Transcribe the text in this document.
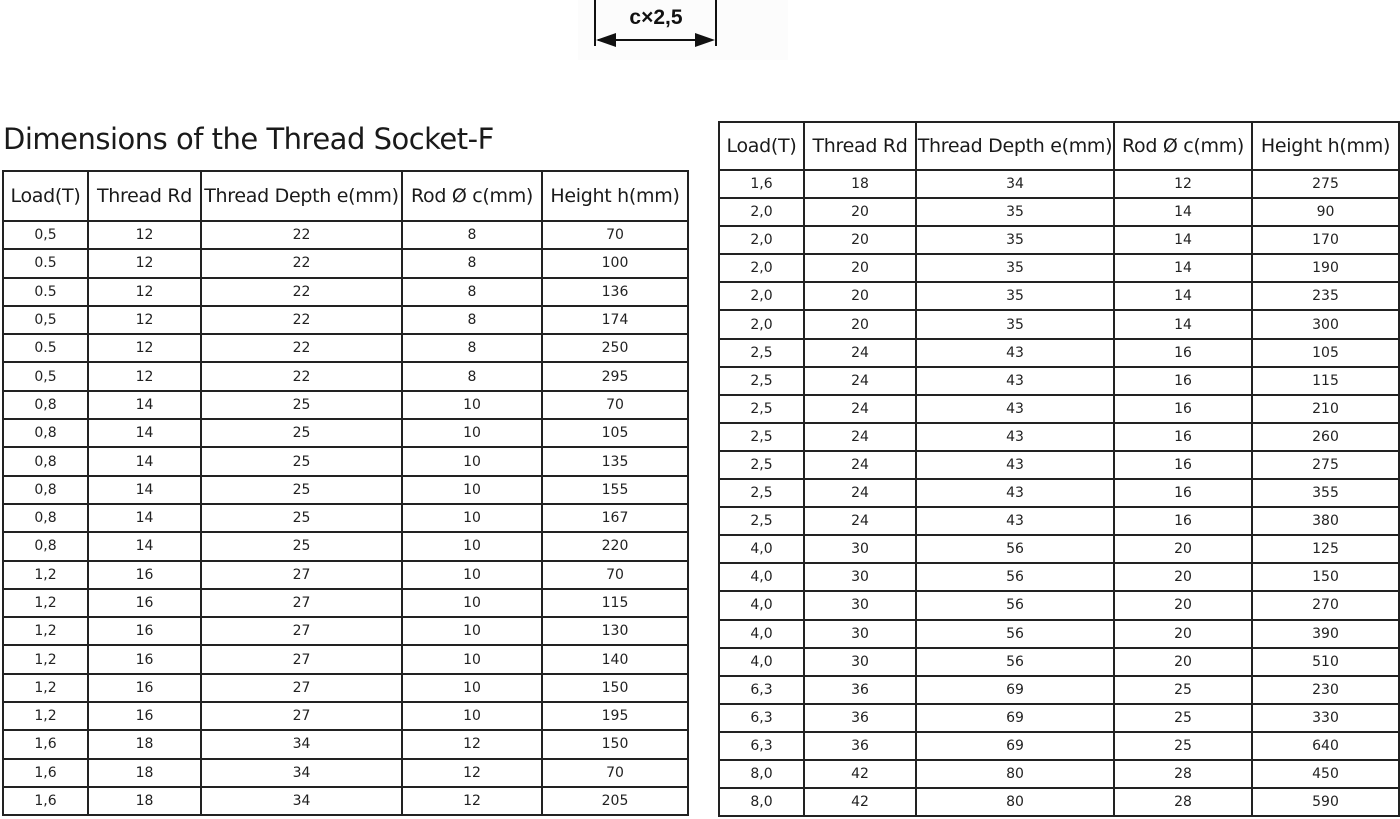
c×2,5
Dimensions of the Thread Socket-F
Load(T)	Thread Rd	Thread Depth e(mm)	Rod Ø c(mm)	Height h(mm)
0,5	12	22	8	70
0.5	12	22	8	100
0.5	12	22	8	136
0,5	12	22	8	174
0.5	12	22	8	250
0,5	12	22	8	295
0,8	14	25	10	70
0,8	14	25	10	105
0,8	14	25	10	135
0,8	14	25	10	155
0,8	14	25	10	167
0,8	14	25	10	220
1,2	16	27	10	70
1,2	16	27	10	115
1,2	16	27	10	130
1,2	16	27	10	140
1,2	16	27	10	150
1,2	16	27	10	195
1,6	18	34	12	150
1,6	18	34	12	70
1,6	18	34	12	205
Load(T)	Thread Rd	Thread Depth e(mm)	Rod Ø c(mm)	Height h(mm)
1,6	18	34	12	275
2,0	20	35	14	90
2,0	20	35	14	170
2,0	20	35	14	190
2,0	20	35	14	235
2,0	20	35	14	300
2,5	24	43	16	105
2,5	24	43	16	115
2,5	24	43	16	210
2,5	24	43	16	260
2,5	24	43	16	275
2,5	24	43	16	355
2,5	24	43	16	380
4,0	30	56	20	125
4,0	30	56	20	150
4,0	30	56	20	270
4,0	30	56	20	390
4,0	30	56	20	510
6,3	36	69	25	230
6,3	36	69	25	330
6,3	36	69	25	640
8,0	42	80	28	450
8,0	42	80	28	590
